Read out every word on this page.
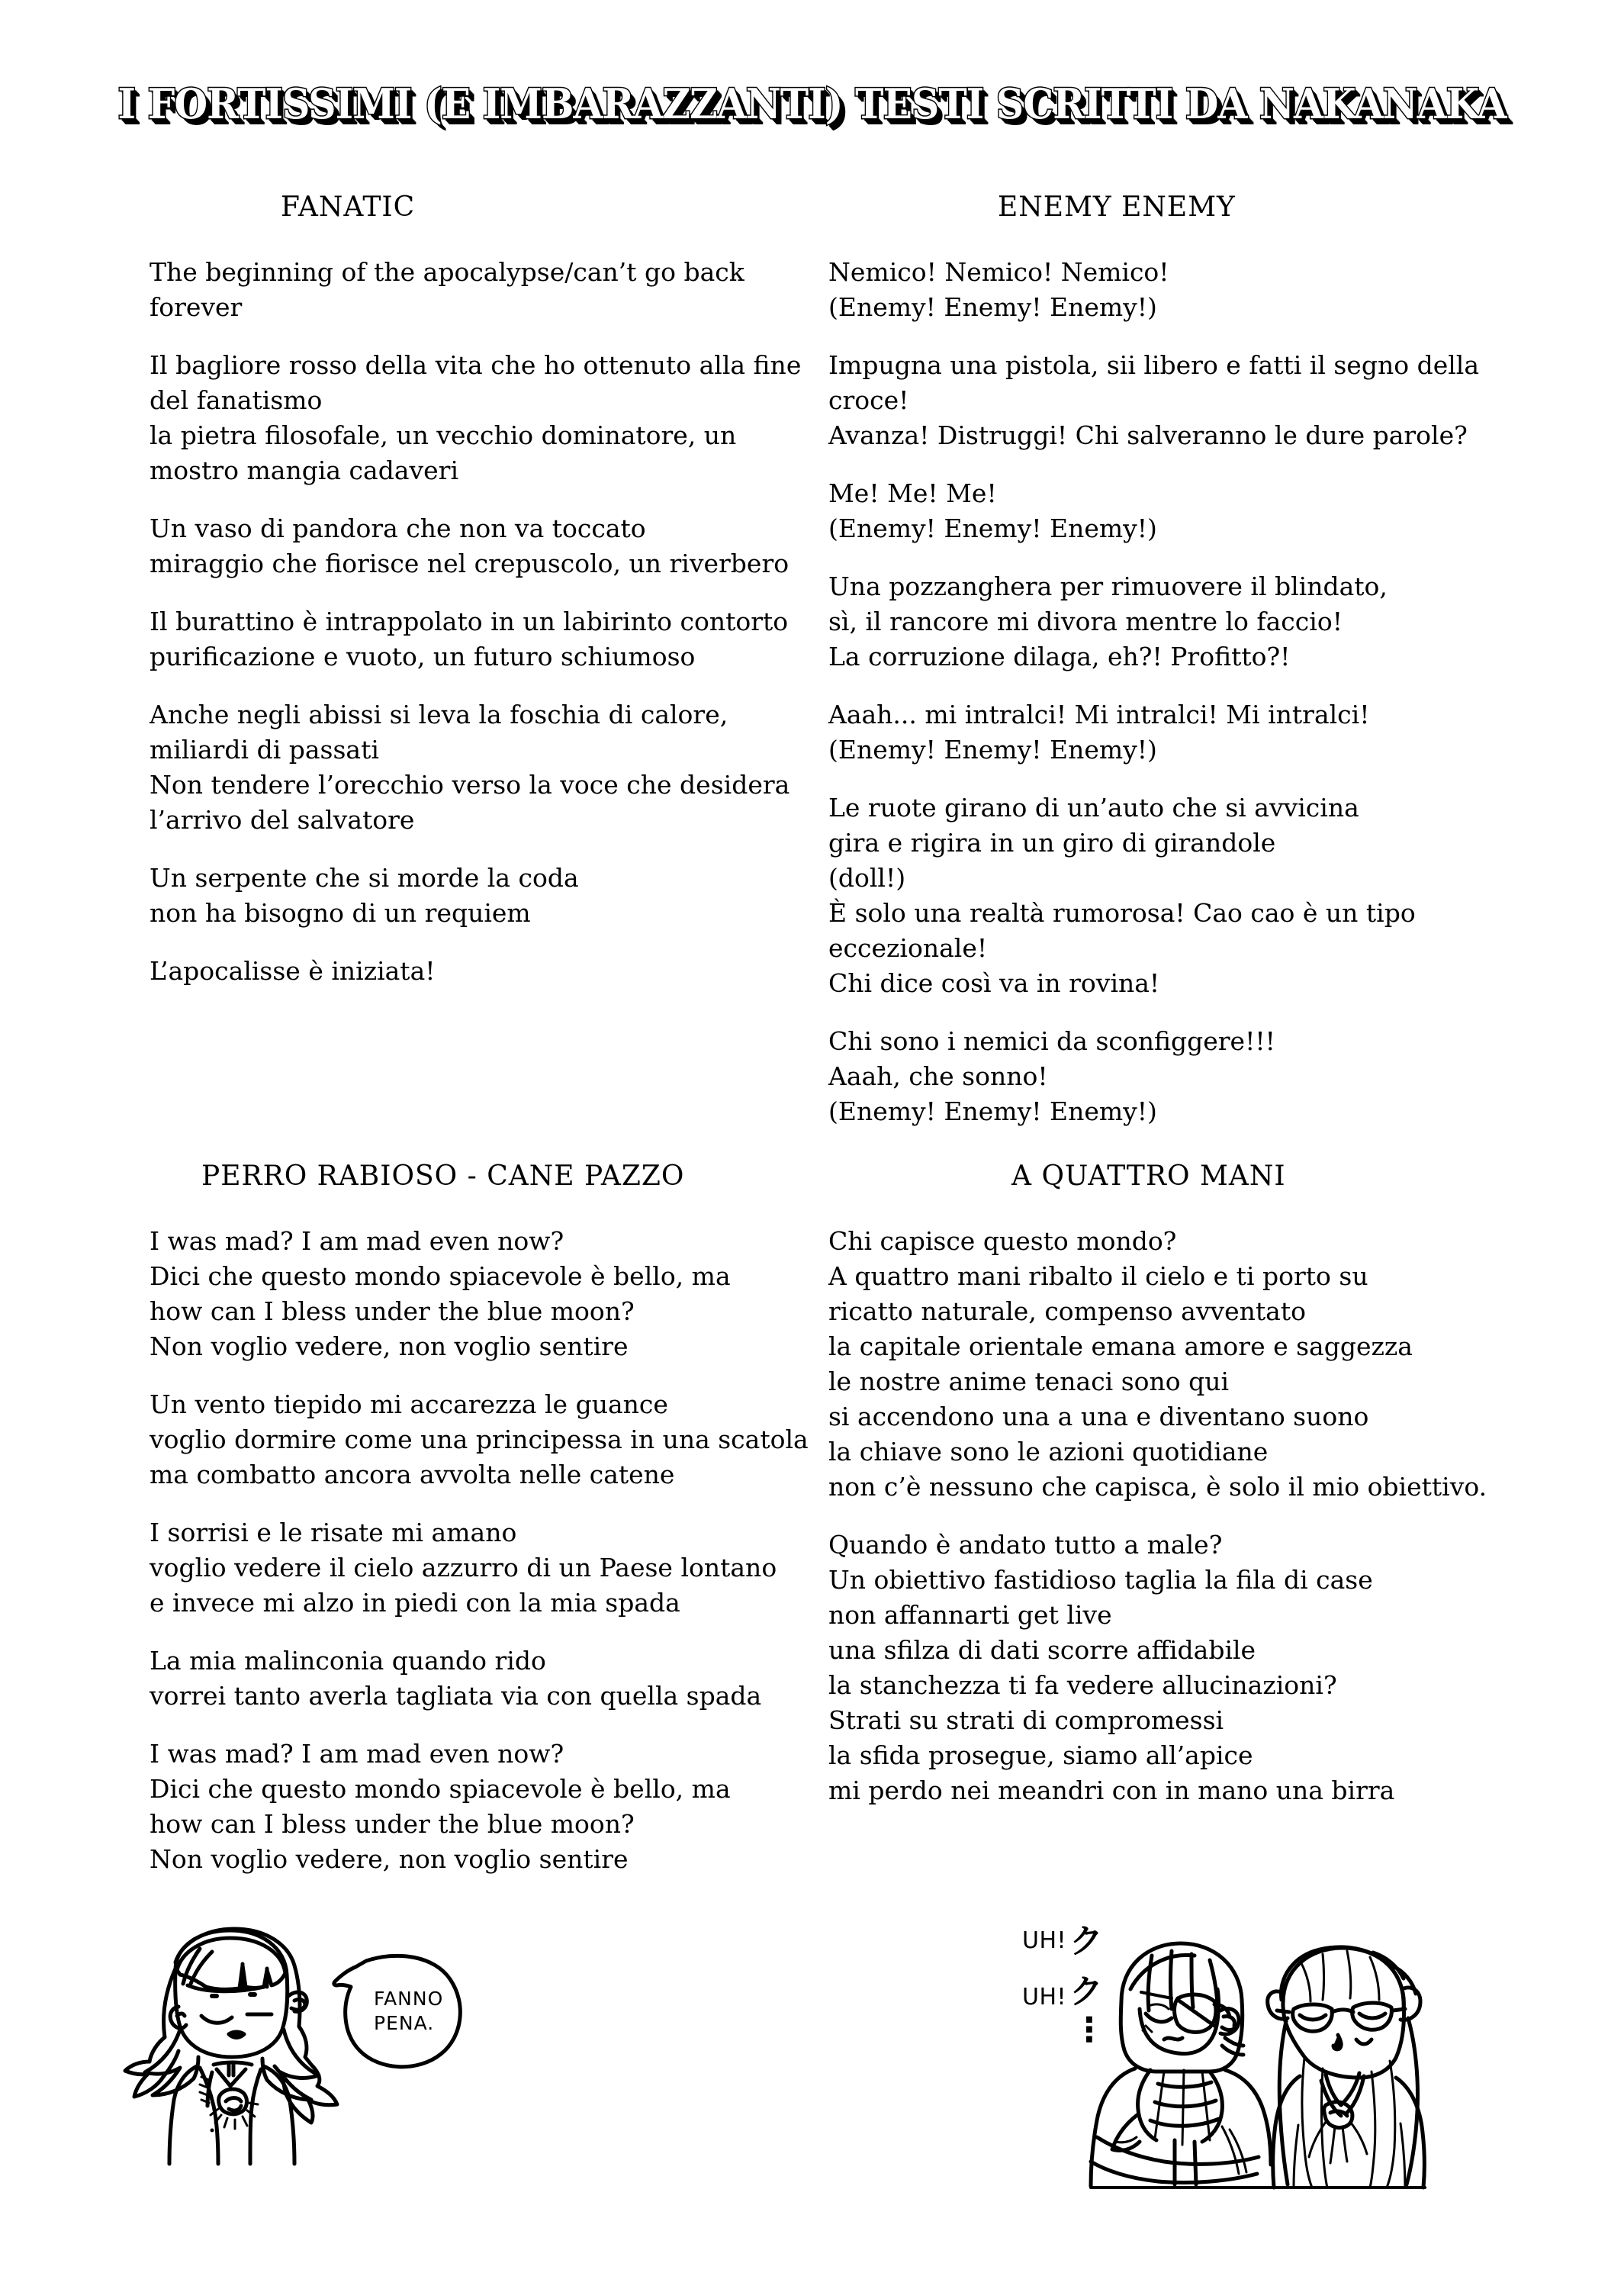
I FORTISSIMI (E IMBARAZZANTI) TESTI SCRITTI DA NAKANAKA
FANATIC
The beginning of the apocalypse/can’t go back
forever
Il bagliore rosso della vita che ho ottenuto alla fine
del fanatismo
la pietra filosofale, un vecchio dominatore, un
mostro mangia cadaveri
Un vaso di pandora che non va toccato
miraggio che fiorisce nel crepuscolo, un riverbero
Il burattino è intrappolato in un labirinto contorto
purificazione e vuoto, un futuro schiumoso
Anche negli abissi si leva la foschia di calore,
miliardi di passati
Non tendere l’orecchio verso la voce che desidera
l’arrivo del salvatore
Un serpente che si morde la coda
non ha bisogno di un requiem
L’apocalisse è iniziata!
ENEMY ENEMY
Nemico! Nemico! Nemico!
(Enemy! Enemy! Enemy!)
Impugna una pistola, sii libero e fatti il segno della
croce!
Avanza! Distruggi! Chi salveranno le dure parole?
Me! Me! Me!
(Enemy! Enemy! Enemy!)
Una pozzanghera per rimuovere il blindato,
sì, il rancore mi divora mentre lo faccio!
La corruzione dilaga, eh?! Profitto?!
Aaah... mi intralci! Mi intralci! Mi intralci!
(Enemy! Enemy! Enemy!)
Le ruote girano di un’auto che si avvicina
gira e rigira in un giro di girandole
(doll!)
È solo una realtà rumorosa! Cao cao è un tipo
eccezionale!
Chi dice così va in rovina!
Chi sono i nemici da sconfiggere!!!
Aaah, che sonno!
(Enemy! Enemy! Enemy!)
PERRO RABIOSO - CANE PAZZO
I was mad? I am mad even now?
Dici che questo mondo spiacevole è bello, ma
how can I bless under the blue moon?
Non voglio vedere, non voglio sentire
Un vento tiepido mi accarezza le guance
voglio dormire come una principessa in una scatola
ma combatto ancora avvolta nelle catene
I sorrisi e le risate mi amano
voglio vedere il cielo azzurro di un Paese lontano
e invece mi alzo in piedi con la mia spada
La mia malinconia quando rido
vorrei tanto averla tagliata via con quella spada
I was mad? I am mad even now?
Dici che questo mondo spiacevole è bello, ma
how can I bless under the blue moon?
Non voglio vedere, non voglio sentire
A QUATTRO MANI
Chi capisce questo mondo?
A quattro mani ribalto il cielo e ti porto su
ricatto naturale, compenso avventato
la capitale orientale emana amore e saggezza
le nostre anime tenaci sono qui
si accendono una a una e diventano suono
la chiave sono le azioni quotidiane
non c’è nessuno che capisca, è solo il mio obiettivo.
Quando è andato tutto a male?
Un obiettivo fastidioso taglia la fila di case
non affannarti get live
una sfilza di dati scorre affidabile
la stanchezza ti fa vedere allucinazioni?
Strati su strati di compromessi
la sfida prosegue, siamo all’apice
mi perdo nei meandri con in mano una birra
FANNO
PENA.
UH! ク
UH! ク
⋮
